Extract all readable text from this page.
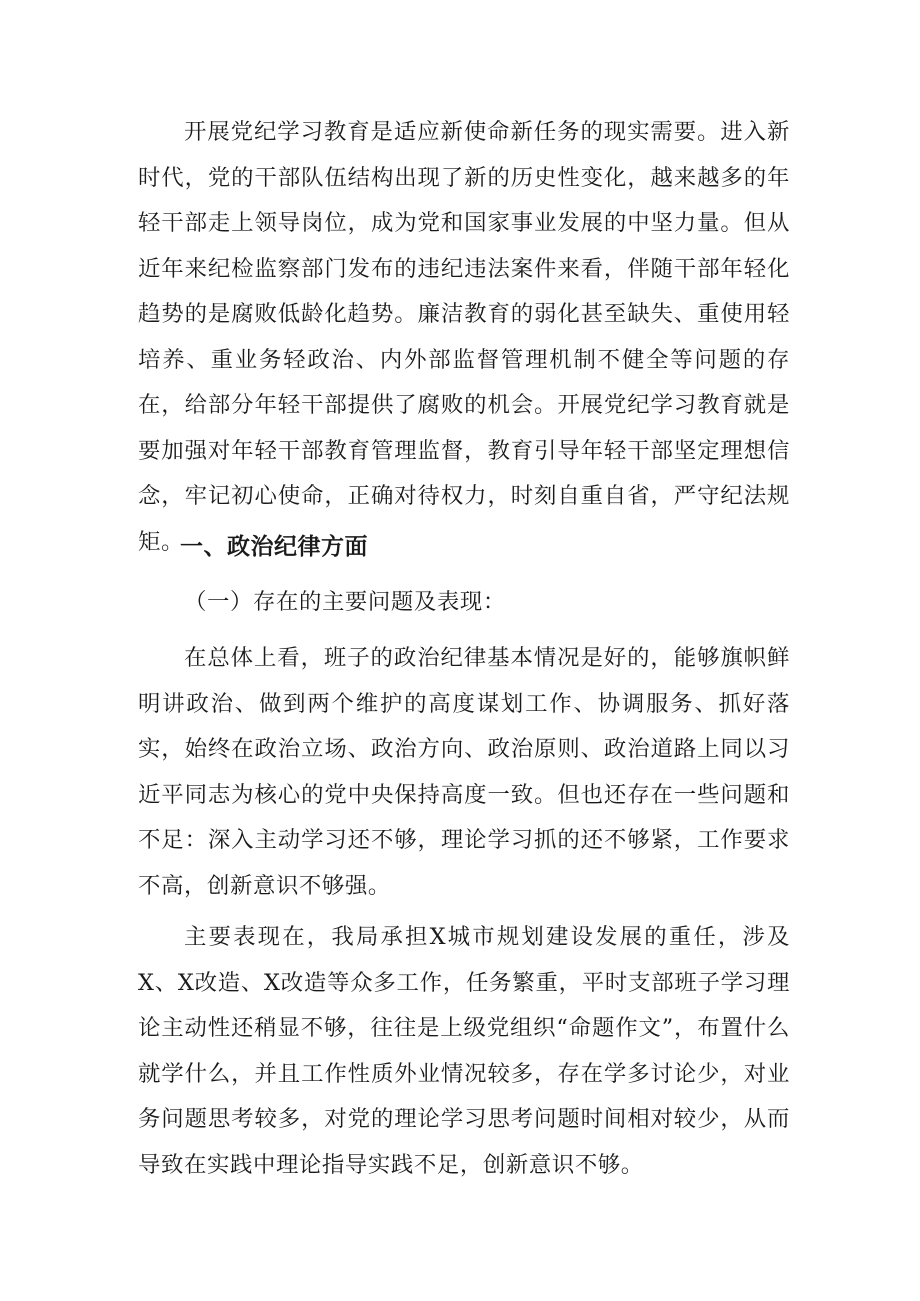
开展党纪学习教育是适应新使命新任务的现实需要。进入新时代，党的干部队伍结构出现了新的历史性变化，越来越多的年轻干部走上领导岗位，成为党和国家事业发展的中坚力量。但从近年来纪检监察部门发布的违纪违法案件来看，伴随干部年轻化趋势的是腐败低龄化趋势。廉洁教育的弱化甚至缺失、重使用轻培养、重业务轻政治、内外部监督管理机制不健全等问题的存在，给部分年轻干部提供了腐败的机会。开展党纪学习教育就是要加强对年轻干部教育管理监督，教育引导年轻干部坚定理想信念，牢记初心使命，正确对待权力，时刻自重自省，严守纪法规矩。

一、政治纪律方面

（一）存在的主要问题及表现：

在总体上看，班子的政治纪律基本情况是好的，能够旗帜鲜明讲政治、做到两个维护的高度谋划工作、协调服务、抓好落实，始终在政治立场、政治方向、政治原则、政治道路上同以习近平同志为核心的党中央保持高度一致。但也还存在一些问题和不足：深入主动学习还不够，理论学习抓的还不够紧，工作要求不高，创新意识不够强。

主要表现在，我局承担X城市规划建设发展的重任，涉及X、X改造、X改造等众多工作，任务繁重，平时支部班子学习理论主动性还稍显不够，往往是上级党组织“命题作文”，布置什么就学什么，并且工作性质外业情况较多，存在学多讨论少，对业务问题思考较多，对党的理论学习思考问题时间相对较少，从而导致在实践中理论指导实践不足，创新意识不够。
